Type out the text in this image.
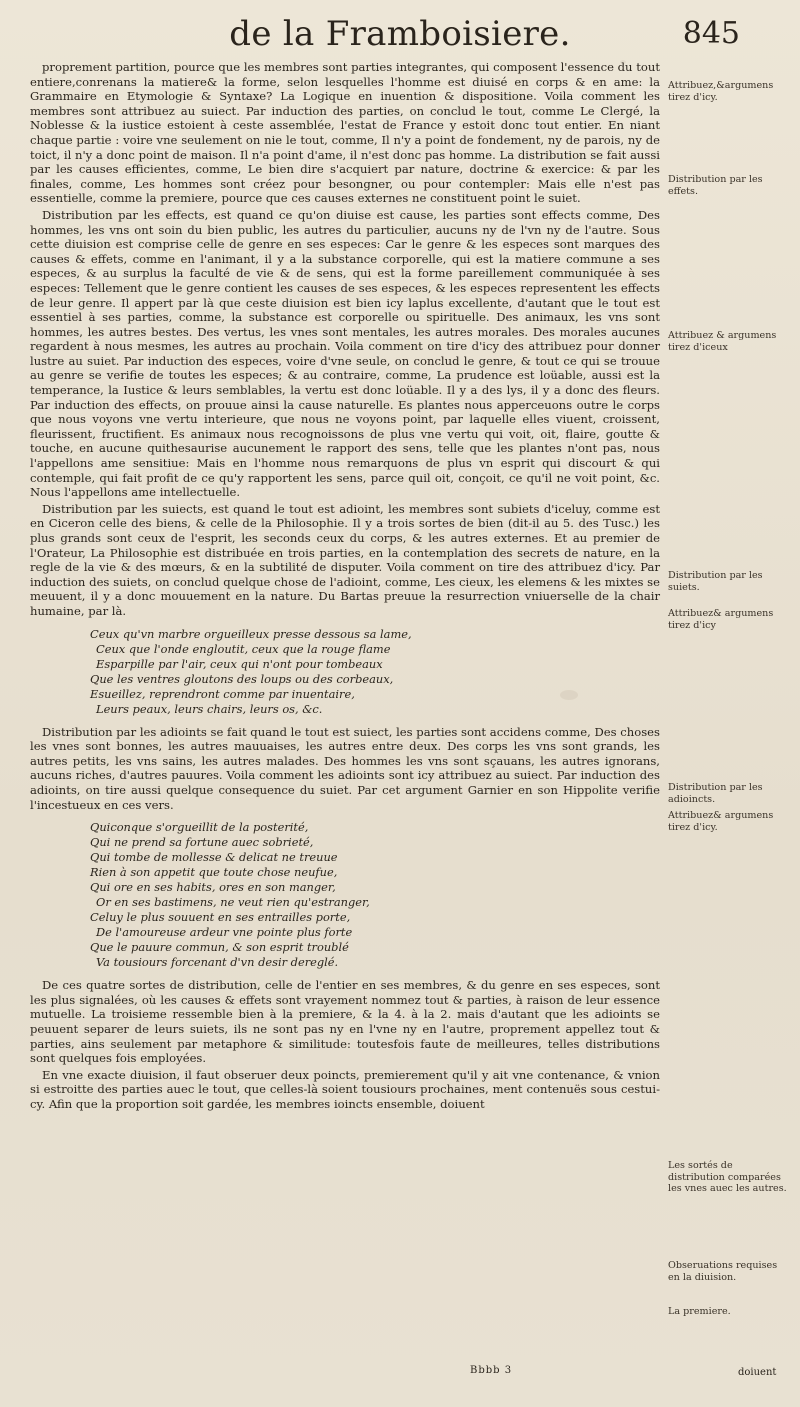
de la Framboisiere.	845

proprement partition, pource que les membres sont parties integrantes, qui composent l'essence du tout entiere,conrenans la matiere& la forme, selon lesquelles l'homme est diuisé en corps & en ame: la Grammaire en Etymologie & Syntaxe? La Logique en inuention & dispositione. Voila comment les membres sont attribuez au suiect. Par induction des parties, on conclud le tout, comme Le Clergé, la Noblesse & la iustice estoient à ceste assemblée, l'estat de France y estoit donc tout entier. En niant chaque partie : voire vne seulement on nie le tout, comme, Il n'y a point de fondement, ny de parois, ny de toict, il n'y a donc point de maison. Il n'a point d'ame, il n'est donc pas homme. La distribution se fait aussi par les causes efficientes, comme, Le bien dire s'acquiert par nature, doctrine & exercice: & par les finales, comme, Les hommes sont créez pour besongner, ou pour contempler: Mais elle n'est pas essentielle, comme la premiere, pource que ces causes externes ne constituent point le suiet.

Distribution par les effects, est quand ce qu'on diuise est cause, les parties sont effects comme, Des hommes, les vns ont soin du bien public, les autres du particulier, aucuns ny de l'vn ny de l'autre. Sous cette diuision est comprise celle de genre en ses especes: Car le genre & les especes sont marques des causes & effets, comme en l'animant, il y a la substance corporelle, qui est la matiere commune a ses especes, & au surplus la faculté de vie & de sens, qui est la forme pareillement communiquée à ses especes: Tellement que le genre contient les causes de ses especes, & les especes representent les effects de leur genre. Il appert par là que ceste diuision est bien icy laplus excellente, d'autant que le tout est essentiel à ses parties, comme, la substance est corporelle ou spirituelle. Des animaux, les vns sont hommes, les autres bestes. Des vertus, les vnes sont mentales, les autres morales. Des morales aucunes regardent à nous mesmes, les autres au prochain. Voila comment on tire d'icy des attribuez pour donner lustre au suiet. Par induction des especes, voire d'vne seule, on conclud le genre, & tout ce qui se trouue au genre se verifie de toutes les especes; & au contraire, comme, La prudence est loüable, aussi est la temperance, la Iustice & leurs semblables, la vertu est donc loüable. Il y a des lys, il y a donc des fleurs. Par induction des effects, on prouue ainsi la cause naturelle. Es plantes nous apperceuons outre le corps que nous voyons vne vertu interieure, que nous ne voyons point, par laquelle elles viuent, croissent, fleurissent, fructifient. Es animaux nous recognoissons de plus vne vertu qui voit, oit, flaire, goutte & touche, en aucune quithesaurise aucunement le rapport des sens, telle que les plantes n'ont pas, nous l'appellons ame sensitiue: Mais en l'homme nous remarquons de plus vn esprit qui discourt & qui contemple, qui fait profit de ce qu'y rapportent les sens, parce quil oit, conçoit, ce qu'il ne voit point, &c. Nous l'appellons ame intellectuelle.

Distribution par les suiects, est quand le tout est adioint, les membres sont subiets d'iceluy, comme est en Ciceron celle des biens, & celle de la Philosophie. Il y a trois sortes de bien (dit-il au 5. des Tusc.) les plus grands sont ceux de l'esprit, les seconds ceux du corps, & les autres externes. Et au premier de l'Orateur, La Philosophie est distribuée en trois parties, en la contemplation des secrets de nature, en la regle de la vie & des mœurs, & en la subtilité de disputer. Voila comment on tire des attribuez d'icy. Par induction des suiets, on conclud quelque chose de l'adioint, comme, Les cieux, les elemens & les mixtes se meuuent, il y a donc mouuement en la nature. Du Bartas preuue la resurrection vniuerselle de la chair humaine, par là.

Ceux qu'vn marbre orgueilleux presse dessous sa lame,
Ceux que l'onde engloutit, ceux que la rouge flame
Esparpille par l'air, ceux qui n'ont pour tombeaux
Que les ventres gloutons des loups ou des corbeaux,
Esueillez, reprendront comme par inuentaire,
Leurs peaux, leurs chairs, leurs os, &c.

Distribution par les adioints se fait quand le tout est suiect, les parties sont accidens comme, Des choses les vnes sont bonnes, les autres mauuaises, les autres entre deux. Des corps les vns sont grands, les autres petits, les vns sains, les autres malades. Des hommes les vns sont sçauans, les autres ignorans, aucuns riches, d'autres pauures. Voila comment les adioints sont icy attribuez au suiect. Par induction des adioints, on tire aussi quelque consequence du suiet. Par cet argument Garnier en son Hippolite verifie l'incestueux en ces vers.

Quiconque s'orgueillit de la posterité,
Qui ne prend sa fortune auec sobrieté,
Qui tombe de mollesse & delicat ne treuue
Rien à son appetit que toute chose neufue,
Qui ore en ses habits, ores en son manger,
Or en ses bastimens, ne veut rien qu'estranger,
Celuy le plus souuent en ses entrailles porte,
De l'amoureuse ardeur vne pointe plus forte
Que le pauure commun, & son esprit troublé
Va tousiours forcenant d'vn desir dereglé.

De ces quatre sortes de distribution, celle de l'entier en ses membres, & du genre en ses especes, sont les plus signalées, où les causes & effets sont vrayement nommez tout & parties, à raison de leur essence mutuelle. La troisieme ressemble bien à la premiere, & la 4. à la 2. mais d'autant que les adioints se peuuent separer de leurs suiets, ils ne sont pas ny en l'vne ny en l'autre, proprement appellez tout & parties, ains seulement par metaphore & similitude: toutesfois faute de meilleures, telles distributions sont quelques fois employées.

En vne exacte diuision, il faut obseruer deux poincts, premierement qu'il y ait vne contenance, & vnion si estroitte des parties auec le tout, que celles-là soient tousiours prochaines, ment contenuës sous cestui-cy. Afin que la proportion soit gardée, les membres ioincts ensemble, doiuent

Attribuez,&argumens tirez d'icy.
Distribution par les effets.
Attribuez & argumens tirez d'iceux
Distribution par les suiets.
Attribuez& argumens tirez d'icy
Distribution par les adioincts.
Attribuez& argumens tirez d'icy.
Les sortés de distribution comparées les vnes auec les autres.
Obseruations requises en la diuision.
La premiere.
Bbbb 3	doiuent
